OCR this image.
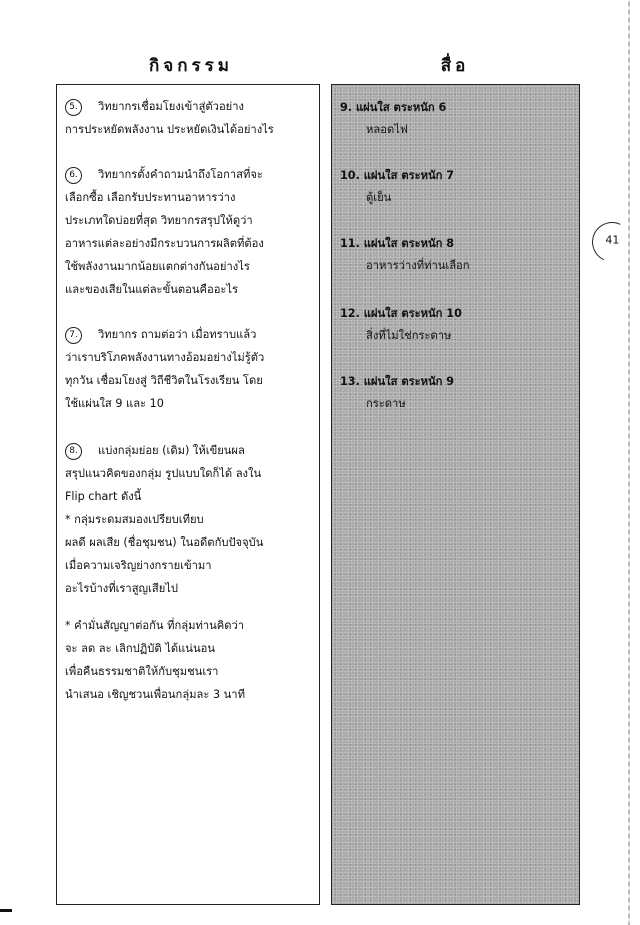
41
กิจกรรม	สื่อ

5. วิทยากรเชื่อมโยงเข้าสู่ตัวอย่าง

การประหยัดพลังงาน ประหยัดเงินได้อย่างไร

6. วิทยากรตั้งคำถามนำถึงโอกาสที่จะ

เลือกซื้อ เลือกรับประทานอาหารว่าง

ประเภทใดบ่อยที่สุด วิทยากรสรุปให้ดูว่า

อาหารแต่ละอย่างมีกระบวนการผลิตที่ต้อง

ใช้พลังงานมากน้อยแตกต่างกันอย่างไร

และของเสียในแต่ละขั้นตอนคืออะไร

7. วิทยากร ถามต่อว่า เมื่อทราบแล้ว

ว่าเราบริโภคพลังงานทางอ้อมอย่างไม่รู้ตัว

ทุกวัน เชื่อมโยงสู่ วิถีชีวิตในโรงเรียน โดย

ใช้แผ่นใส 9 และ 10

8. แบ่งกลุ่มย่อย (เดิม) ให้เขียนผล

สรุปแนวคิดของกลุ่ม รูปแบบใดก็ได้ ลงใน

Flip chart ดังนี้

* กลุ่มระดมสมองเปรียบเทียบ

ผลดี ผลเสีย (ชื่อชุมชน) ในอดีตกับปัจจุบัน

เมื่อความเจริญย่างกรายเข้ามา

อะไรบ้างที่เราสูญเสียไป

* คำมั่นสัญญาต่อกัน ที่กลุ่มท่านคิดว่า

จะ ลด ละ เลิกปฏิบัติ ได้แน่นอน

เพื่อคืนธรรมชาติให้กับชุมชนเรา

นำเสนอ เชิญชวนเพื่อนกลุ่มละ 3 นาที

9. แผ่นใส ตระหนัก 6

หลอดไฟ

10. แผ่นใส ตระหนัก 7

ตู้เย็น

11. แผ่นใส ตระหนัก 8

อาหารว่างที่ท่านเลือก

12. แผ่นใส ตระหนัก 10

สิ่งที่ไม่ใช่กระดาษ

13. แผ่นใส ตระหนัก 9

กระดาษ
